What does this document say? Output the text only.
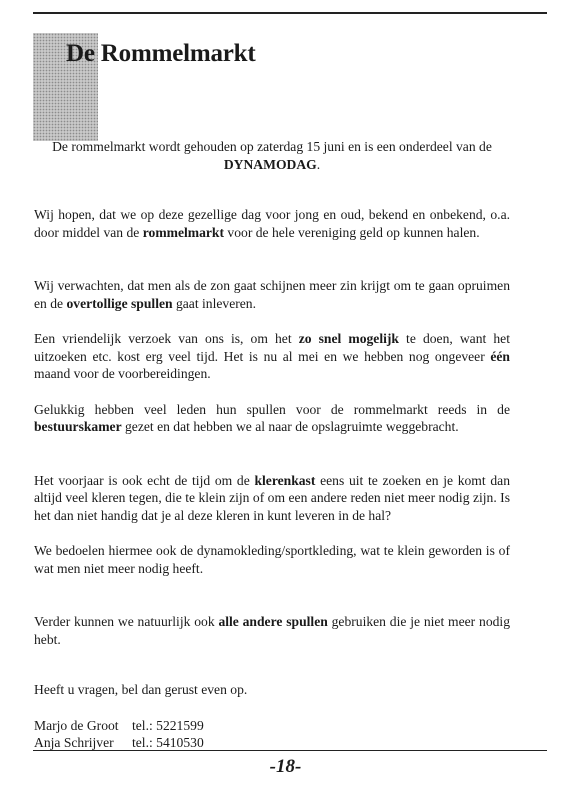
De Rommelmarkt

De rommelmarkt wordt gehouden op zaterdag 15 juni en is een onderdeel van de
DYNAMODAG.

Wij hopen, dat we op deze gezellige dag voor jong en oud, bekend en onbekend, o.a. door middel van de rommelmarkt voor de hele vereniging geld op kunnen halen.

Wij verwachten, dat men als de zon gaat schijnen meer zin krijgt om te gaan opruimen en de overtollige spullen gaat inleveren.

Een vriendelijk verzoek van ons is, om het zo snel mogelijk te doen, want het uitzoeken etc. kost erg veel tijd. Het is nu al mei en we hebben nog ongeveer één maand voor de voorbereidingen.

Gelukkig hebben veel leden hun spullen voor de rommelmarkt reeds in de bestuurskamer gezet en dat hebben we al naar de opslagruimte weggebracht.

Het voorjaar is ook echt de tijd om de klerenkast eens uit te zoeken en je komt dan altijd veel kleren tegen, die te klein zijn of om een andere reden niet meer nodig zijn. Is het dan niet handig dat je al deze kleren in kunt leveren in de hal?

We bedoelen hiermee ook de dynamokleding/sportkleding, wat te klein geworden is of wat men niet meer nodig heeft.

Verder kunnen we natuurlijk ook alle andere spullen gebruiken die je niet meer nodig hebt.

Heeft u vragen, bel dan gerust even op.

Marjo de Groot tel.: 5221599

Anja Schrijver tel.: 5410530

-18-
